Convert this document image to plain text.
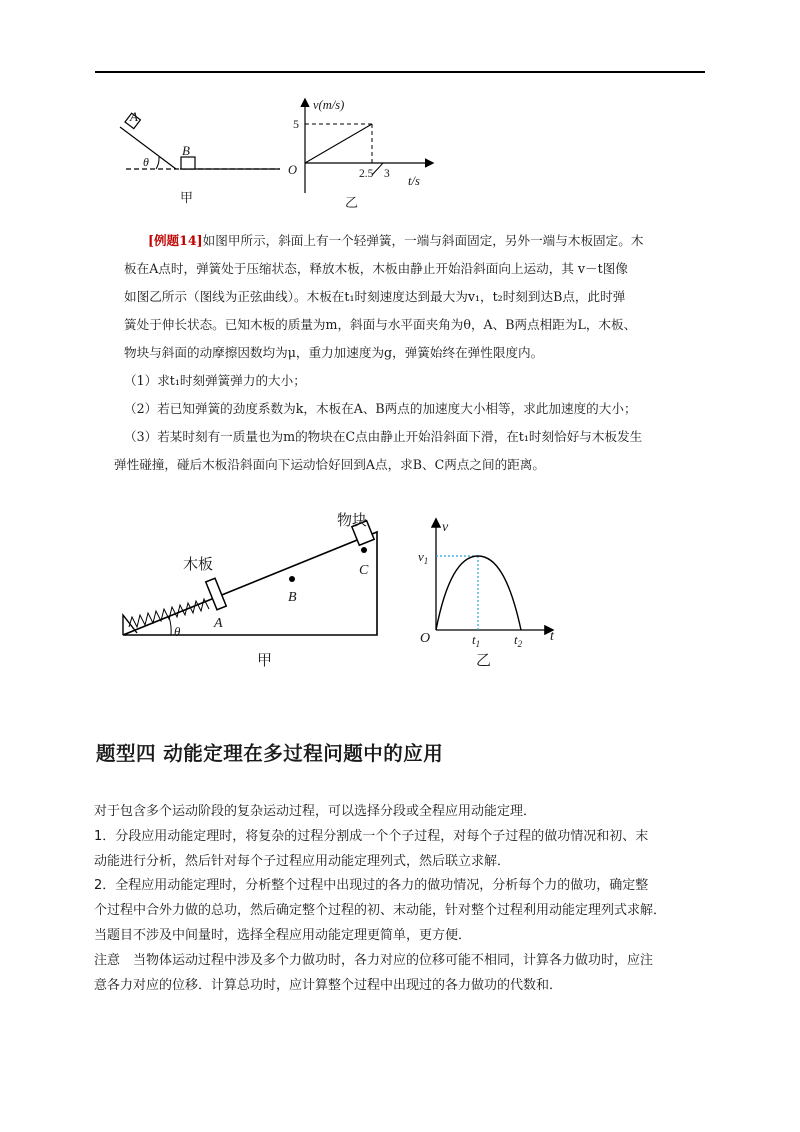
A
B
θ
甲
v(m/s)
5
O	2.5 3 t/s
乙
[例题14]如图甲所示，斜面上有一个轻弹簧，一端与斜面固定，另外一端与木板固定。木
板在A点时，弹簧处于压缩状态，释放木板，木板由静止开始沿斜面向上运动，其 v－t图像
如图乙所示（图线为正弦曲线）。木板在t₁时刻速度达到最大为v₁，t₂时刻到达B点，此时弹
簧处于伸长状态。已知木板的质量为m，斜面与水平面夹角为θ，A、B两点相距为L，木板、
物块与斜面的动摩擦因数均为μ，重力加速度为g，弹簧始终在弹性限度内。
（1）求t₁时刻弹簧弹力的大小；
（2）若已知弹簧的劲度系数为k，木板在A、B两点的加速度大小相等，求此加速度的大小；
（3）若某时刻有一质量也为m的物块在C点由静止开始沿斜面下滑，在t₁时刻恰好与木板发生
弹性碰撞，碰后木板沿斜面向下运动恰好回到A点，求B、C两点之间的距离。
物块
木板
A
B
C
θ
甲
v
$v_1$
O	$t_1$	$t_2$ t
乙
题型四 动能定理在多过程问题中的应用
对于包含多个运动阶段的复杂运动过程，可以选择分段或全程应用动能定理．
1．分段应用动能定理时，将复杂的过程分割成一个个子过程，对每个子过程的做功情况和初、末
动能进行分析，然后针对每个子过程应用动能定理列式，然后联立求解．
2．全程应用动能定理时，分析整个过程中出现过的各力的做功情况，分析每个力的做功，确定整
个过程中合外力做的总功，然后确定整个过程的初、末动能，针对整个过程利用动能定理列式求解．
当题目不涉及中间量时，选择全程应用动能定理更简单，更方便．
注意　当物体运动过程中涉及多个力做功时，各力对应的位移可能不相同，计算各力做功时，应注
意各力对应的位移．计算总功时，应计算整个过程中出现过的各力做功的代数和．
